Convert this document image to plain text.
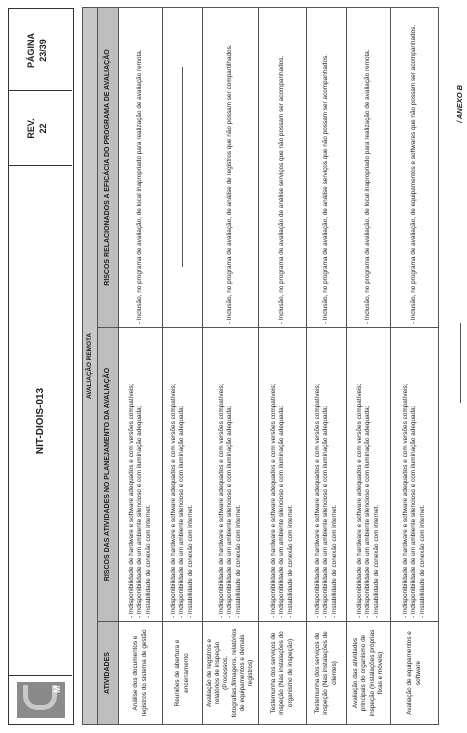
M
NIT-DIOIS-013
REV. 22
PÁGINA 23/39
AVALIAÇÃO REMOTA		
ATIVIDADES	RISCOS DAS ATIVIDADES NO PLANEJAMENTO DA AVALIAÇÃO	RISCOS RELACIONADOS A EFICÁCIA DO PROGRAMA DE AVALIAÇÃO
Análise dos documentos e registros do sistema de gestão	- Indisponibilidade de hardware e software adequados e com versões compatíveis; - Indisponibilidade de um ambiente silencioso e com iluminação adequada; - Instabilidade de conexão com internet.	- Inclusão, no programa de avaliação, de local inapropriado para realização de avaliação remota.
Reuniões de abertura e encerramento	- Indisponibilidade de hardware e software adequados e com versões compatíveis; - Indisponibilidade de um ambiente silencioso e com iluminação adequada; - Instabilidade de conexão com internet.	

Avaliação de registros e relatórios de inspeção (Processos, fotografias,filmagens, relatórios de equipamentos e demais registros)	- Indisponibilidade de hardware e software adequados e com versões compatíveis; - Indisponibilidade de um ambiente silencioso e com iluminação adequada; - Instabilidade de conexão com internet.	- Inclusão, no programa de avaliação, de análise de registros que não possam ser compartilhados.
Testemunha dos serviços de inspeção (Nas instalações do organismo de inspeção)	- Indisponibilidade de hardware e software adequados e com versões compatíveis; - Indisponibilidade de um ambiente silencioso e com iluminação adequada; - Instabilidade de conexão com internet.	- Inclusão, no programa de avaliação de análise serviços que não possam ser acompanhados.
Testemunha dos serviços de inspeção (Nas instalações de clientes)	- Indisponibilidade de hardware e software adequados e com versões compatíveis; - Indisponibilidade de um ambiente silencioso e com iluminação adequada; - Instabilidade de conexão com internet.	- Inclusão, no programa de avaliação, de análise serviços que não possam ser acompanhados.
Avaliação das atividades principais do organismo de inspeção (Instalações próprias fixas e móveis)	- Indisponibilidade de hardware e software adequados e com versões compatíveis; - Indisponibilidade de um ambiente silencioso e com iluminação adequada; - Instabilidade de conexão com internet.	- Inclusão, no programa de avaliação, de local inapropriado para realização de avaliação remota.
Avaliação de equipamentos e software	- Indisponibilidade de hardware e software adequados e com versões compatíveis; - Indisponibilidade de um ambiente silencioso e com iluminação adequada; - Instabilidade de conexão com internet.	- Inclusão, no programa de avaliação, de equipamentos e softwares que não possam ser acompanhados.	/ ANEXO B
